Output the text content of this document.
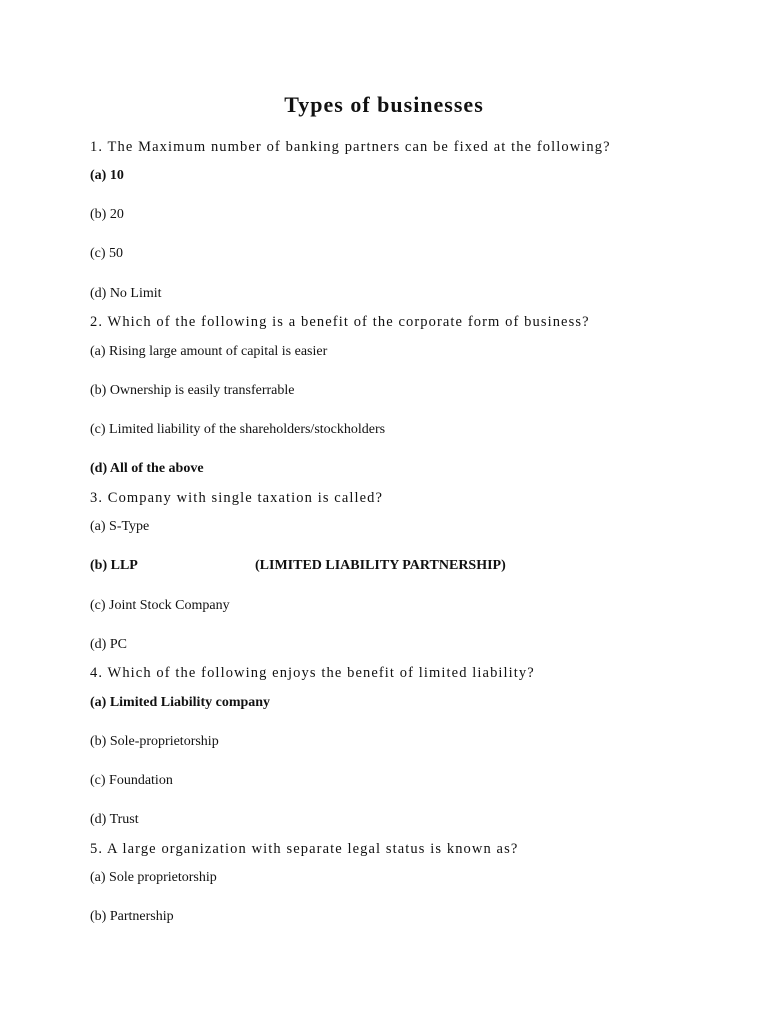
Types of businesses
1. The Maximum number of banking partners can be fixed at the following?
(a) 10
(b) 20
(c) 50
(d) No Limit
2. Which of the following is a benefit of the corporate form of business?
(a) Rising large amount of capital is easier
(b) Ownership is easily transferrable
(c) Limited liability of the shareholders/stockholders
(d) All of the above
3. Company with single taxation is called?
(a) S-Type
(b) LLP	(LIMITED LIABILITY PARTNERSHIP)
(c) Joint Stock Company
(d) PC
4. Which of the following enjoys the benefit of limited liability?
(a) Limited Liability company
(b) Sole-proprietorship
(c) Foundation
(d) Trust
5. A large organization with separate legal status is known as?
(a) Sole proprietorship
(b) Partnership
